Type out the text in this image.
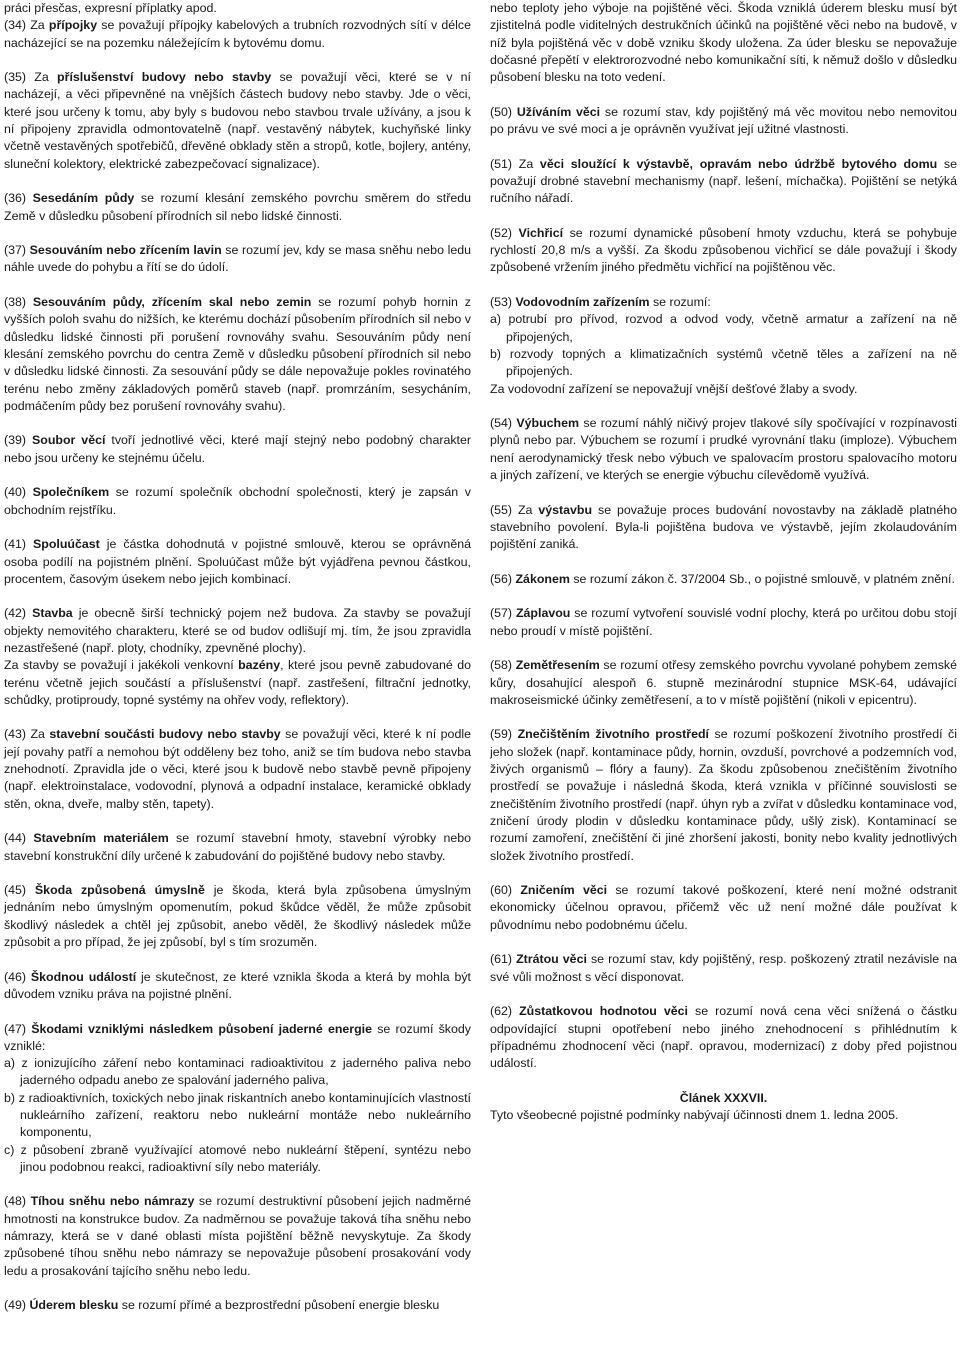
práci přesčas, expresní příplatky apod.
(34) Za přípojky se považují přípojky kabelových a trubních rozvodných sítí v délce nacházející se na pozemku náležejícím k bytovému domu.

(35) Za příslušenství budovy nebo stavby se považují věci, které se v ní nacházejí, a věci připevněné na vnějších částech budovy nebo stavby. Jde o věci, které jsou určeny k tomu, aby byly s budovou nebo stavbou trvale užívány, a jsou k ní připojeny zpravidla odmontovatelně (např. vestavěný nábytek, kuchyňské linky včetně vestavěných spotřebičů, dřevěné obklady stěn a stropů, kotle, bojlery, antény, sluneční kolektory, elektrické zabezpečovací signalizace).

(36) Sesedáním půdy se rozumí klesání zemského povrchu směrem do středu Země v důsledku působení přírodních sil nebo lidské činnosti.

(37) Sesouváním nebo zřícením lavin se rozumí jev, kdy se masa sněhu nebo ledu náhle uvede do pohybu a řítí se do údolí.

(38) Sesouváním půdy, zřícením skal nebo zemin se rozumí pohyb hornin z vyšších poloh svahu do nižších, ke kterému dochází působením přírodních sil nebo v důsledku lidské činnosti při porušení rovnováhy svahu. Sesouváním půdy není klesání zemského povrchu do centra Země v důsledku působení přírodních sil nebo v důsledku lidské činnosti. Za sesouvání půdy se dále nepovažuje pokles rovinatého terénu nebo změny základových poměrů staveb (např. promrzáním, sesycháním, podmáčením půdy bez porušení rovnováhy svahu).

(39) Soubor věcí tvoří jednotlivé věci, které mají stejný nebo podobný charakter nebo jsou určeny ke stejnému účelu.

(40) Společníkem se rozumí společník obchodní společnosti, který je zapsán v obchodním rejstříku.

(41) Spoluúčast je částka dohodnutá v pojistné smlouvě, kterou se oprávněná osoba podílí na pojistném plnění. Spoluúčast může být vyjádřena pevnou částkou, procentem, časovým úsekem nebo jejich kombinací.

(42) Stavba je obecně širší technický pojem než budova. Za stavby se považují objekty nemovitého charakteru, které se od budov odlišují mj. tím, že jsou zpravidla nezastřešené (např. ploty, chodníky, zpevněné plochy).
Za stavby se považují i jakékoli venkovní bazény, které jsou pevně zabudované do terénu včetně jejich součástí a příslušenství (např. zastřešení, filtrační jednotky, schůdky, protiproudy, topné systémy na ohřev vody, reflektory).

(43) Za stavební součásti budovy nebo stavby se považují věci, které k ní podle její povahy patří a nemohou být odděleny bez toho, aniž se tím budova nebo stavba znehodnotí. Zpravidla jde o věci, které jsou k budově nebo stavbě pevně připojeny (např. elektroinstalace, vodovodní, plynová a odpadní instalace, keramické obklady stěn, okna, dveře, malby stěn, tapety).

(44) Stavebním materiálem se rozumí stavební hmoty, stavební výrobky nebo stavební konstrukční díly určené k zabudování do pojištěné budovy nebo stavby.

(45) Škoda způsobená úmyslně je škoda, která byla způsobena úmyslným jednáním nebo úmyslným opomenutím, pokud škůdce věděl, že může způsobit škodlivý následek a chtěl jej způsobit, anebo věděl, že škodlivý následek může způsobit a pro případ, že jej způsobí, byl s tím srozuměn.

(46) Škodnou událostí je skutečnost, ze které vznikla škoda a která by mohla být důvodem vzniku práva na pojistné plnění.

(47) Škodami vzniklými následkem působení jaderné energie se rozumí škody vzniklé:

a) z ionizujícího záření nebo kontaminaci radioaktivitou z jaderného paliva nebo jaderného odpadu anebo ze spalování jaderného paliva,

b) z radioaktivních, toxických nebo jinak riskantních anebo kontaminujících vlastností nukleárního zařízení, reaktoru nebo nukleární montáže nebo nukleárního komponentu,

c) z působení zbraně využívající atomové nebo nukleární štěpení, syntézu nebo jinou podobnou reakci, radioaktivní síly nebo materiály.

(48) Tíhou sněhu nebo námrazy se rozumí destruktivní působení jejich nadměrné hmotnosti na konstrukce budov. Za nadměrnou se považuje taková tíha sněhu nebo námrazy, která se v dané oblasti místa pojištění běžně nevyskytuje. Za škody způsobené tíhou sněhu nebo námrazy se nepovažuje působení prosakování vody ledu a prosakování tajícího sněhu nebo ledu.

(49) Úderem blesku se rozumí přímé a bezprostřední působení energie blesku

nebo teploty jeho výboje na pojištěné věci. Škoda vzniklá úderem blesku musí být zjistitelná podle viditelných destrukčních účinků na pojištěné věci nebo na budově, v níž byla pojištěná věc v době vzniku škody uložena. Za úder blesku se nepovažuje dočasné přepětí v elektrorozvodné nebo komunikační síti, k němuž došlo v důsledku působení blesku na toto vedení.

(50) Užíváním věci se rozumí stav, kdy pojištěný má věc movitou nebo nemovitou po právu ve své moci a je oprávněn využívat její užitné vlastnosti.

(51) Za věci sloužící k výstavbě, opravám nebo údržbě bytového domu se považují drobné stavební mechanismy (např. lešení, míchačka). Pojištění se netýká ručního nářadí.

(52) Vichřicí se rozumí dynamické působení hmoty vzduchu, která se pohybuje rychlostí 20,8 m/s a vyšší. Za škodu způsobenou vichřicí se dále považují i škody způsobené vržením jiného předmětu vichřicí na pojištěnou věc.

(53) Vodovodním zařízením se rozumí:

a) potrubí pro přívod, rozvod a odvod vody, včetně armatur a zařízení na ně připojených,

b) rozvody topných a klimatizačních systémů včetně těles a zařízení na ně připojených.

Za vodovodní zařízení se nepovažují vnější dešťové žlaby a svody.

(54) Výbuchem se rozumí náhlý ničivý projev tlakové síly spočívající v rozpínavosti plynů nebo par. Výbuchem se rozumí i prudké vyrovnání tlaku (imploze). Výbuchem není aerodynamický třesk nebo výbuch ve spalovacím prostoru spalovacího motoru a jiných zařízení, ve kterých se energie výbuchu cílevědomě využívá.

(55) Za výstavbu se považuje proces budování novostavby na základě platného stavebního povolení. Byla-li pojištěna budova ve výstavbě, jejím zkolaudováním pojištění zaniká.

(56) Zákonem se rozumí zákon č. 37/2004 Sb., o pojistné smlouvě, v platném znění.

(57) Záplavou se rozumí vytvoření souvislé vodní plochy, která po určitou dobu stojí nebo proudí v místě pojištění.

(58) Zemětřesením se rozumí otřesy zemského povrchu vyvolané pohybem zemské kůry, dosahující alespoň 6. stupně mezinárodní stupnice MSK-64, udávající makroseismické účinky zemětřesení, a to v místě pojištění (nikoli v epicentru).

(59) Znečištěním životního prostředí se rozumí poškození životního prostředí či jeho složek (např. kontaminace půdy, hornin, ovzduší, povrchové a podzemních vod, živých organismů – flóry a fauny). Za škodu způsobenou znečištěním životního prostředí se považuje i následná škoda, která vznikla v příčinné souvislosti se znečištěním životního prostředí (např. úhyn ryb a zvířat v důsledku kontaminace vod, zničení úrody plodin v důsledku kontaminace půdy, ušlý zisk). Kontaminací se rozumí zamoření, znečištění či jiné zhoršení jakosti, bonity nebo kvality jednotlivých složek životního prostředí.

(60) Zničením věci se rozumí takové poškození, které není možné odstranit ekonomicky účelnou opravou, přičemž věc už není možné dále používat k původnímu nebo podobnému účelu.

(61) Ztrátou věci se rozumí stav, kdy pojištěný, resp. poškozený ztratil nezávisle na své vůli možnost s věcí disponovat.

(62) Zůstatkovou hodnotou věci se rozumí nová cena věci snížená o částku odpovídající stupni opotřebení nebo jiného znehodnocení s přihlédnutím k případnému zhodnocení věci (např. opravou, modernizací) z doby před pojistnou událostí.

Článek XXXVII.

Tyto všeobecné pojistné podmínky nabývají účinnosti dnem 1. ledna 2005.
